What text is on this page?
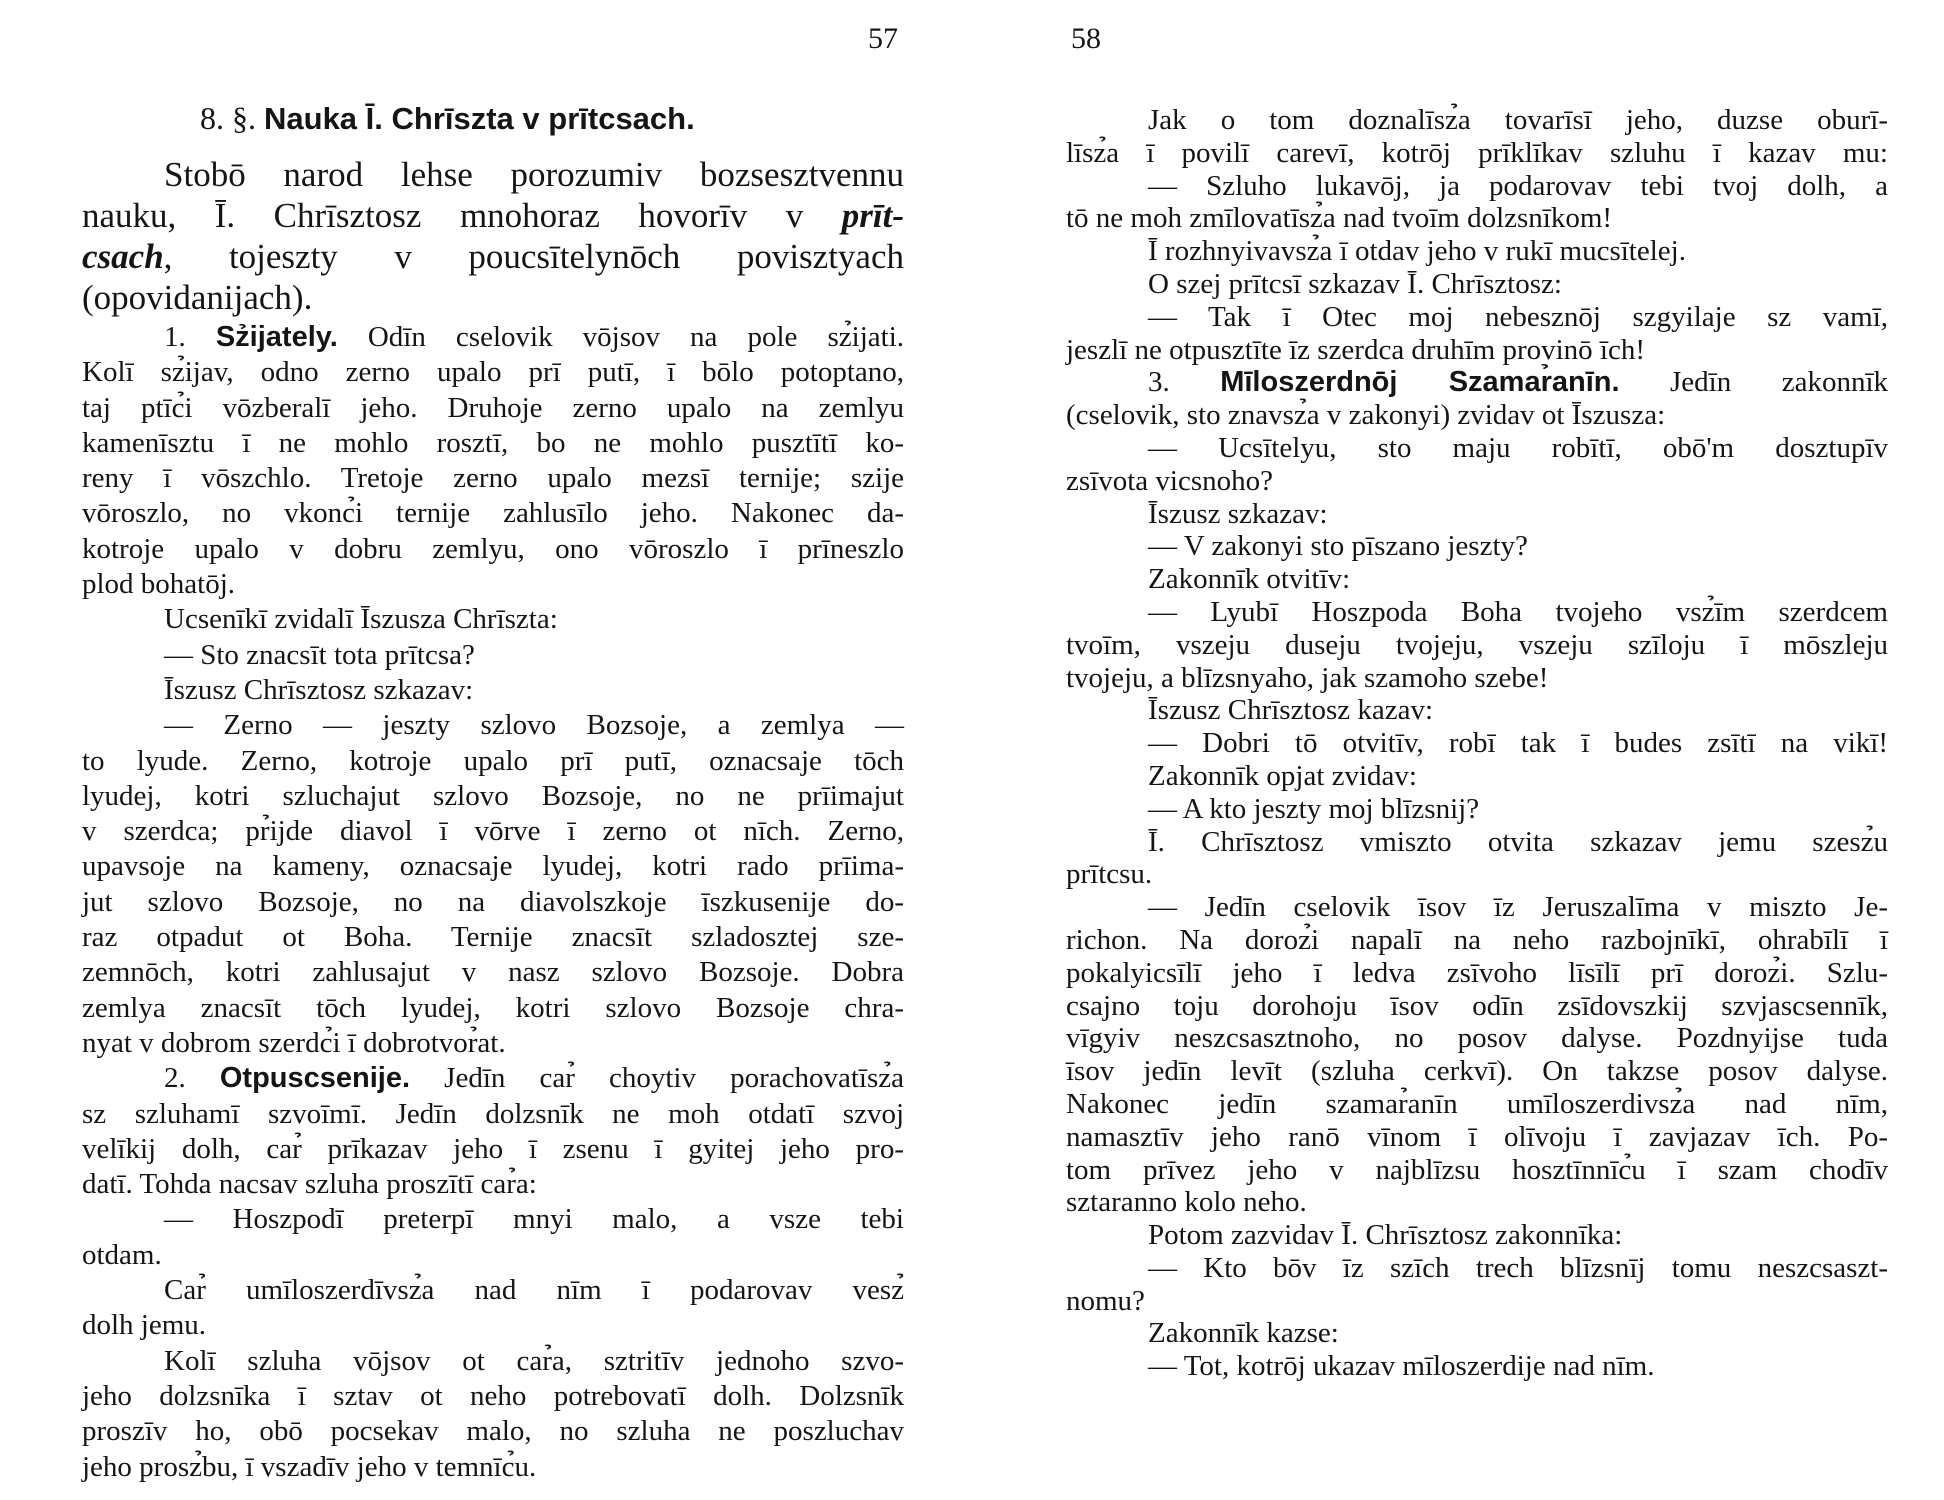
57	58
8. §. Nauka Ī. Chrīszta v prītcsach.
Stobō narod lehse porozumiv bozsesztvennu
nauku, Ī. Chrīsztosz mnohoraz hovorīv v prīt-
csach, tojeszty v poucsītelynōch povisztyach
(opovidanijach).
1. Sz̉ijately. Odīn cselovik vōjsov na pole sz̉ijati.
Kolī sz̉ijav, odno zerno upalo prī putī, ī bōlo potoptano,
taj ptīc̉i vōzberalī jeho. Druhoje zerno upalo na zemlyu
kamenīsztu ī ne mohlo rosztī, bo ne mohlo pusztītī ko-
reny ī vōszchlo. Tretoje zerno upalo mezsī ternije; szije
vōroszlo, no vkonc̉i ternije zahlusīlo jeho. Nakonec da-
kotroje upalo v dobru zemlyu, ono vōroszlo ī prīneszlo
plod bohatōj.
Ucsenīkī zvidalī Īszusza Chrīszta:
— Sto znacsīt tota prītcsa?
Īszusz Chrīsztosz szkazav:
— Zerno — jeszty szlovo Bozsoje, a zemlya —
to lyude. Zerno, kotroje upalo prī putī, oznacsaje tōch
lyudej, kotri szluchajut szlovo Bozsoje, no ne prīimajut
v szerdca; pr̉ijde diavol ī vōrve ī zerno ot nīch. Zerno,
upavsoje na kameny, oznacsaje lyudej, kotri rado prīima-
jut szlovo Bozsoje, no na diavolszkoje īszkusenije do-
raz otpadut ot Boha. Ternije znacsīt szladosztej sze-
zemnōch, kotri zahlusajut v nasz szlovo Bozsoje. Dobra
zemlya znacsīt tōch lyudej, kotri szlovo Bozsoje chra-
nyat v dobrom szerdc̉i ī dobrotvor̉at.
2. Otpuscsenije. Jedīn car̉ choytiv porachovatīsz̉a
sz szluhamī szvoīmī. Jedīn dolzsnīk ne moh otdatī szvoj
velīkij dolh, car̉ prīkazav jeho ī zsenu ī gyitej jeho pro-
datī. Tohda nacsav szluha proszītī car̉a:
— Hoszpodī preterpī mnyi malo, a vsze tebi
otdam.
Car̉ umīloszerdīvsz̉a nad nīm ī podarovav vesz̉
dolh jemu.
Kolī szluha vōjsov ot car̉a, sztritīv jednoho szvo-
jeho dolzsnīka ī sztav ot neho potrebovatī dolh. Dolzsnīk
proszīv ho, obō pocsekav malo, no szluha ne poszluchav
jeho prosz̉bu, ī vszadīv jeho v temnīc̉u.
Jak o tom doznalīsz̉a tovarīsī jeho, duzse oburī-
līsz̉a ī povilī carevī, kotrōj prīklīkav szluhu ī kazav mu:
— Szluho lukavōj, ja podarovav tebi tvoj dolh, a
tō ne moh zmīlovatīsz̉a nad tvoīm dolzsnīkom!
Ī rozhnyivavsz̉a ī otdav jeho v rukī mucsītelej.
O szej prītcsī szkazav Ī. Chrīsztosz:
— Tak ī Otec moj nebesznōj szgyilaje sz vamī,
jeszlī ne otpusztīte īz szerdca druhīm provinō īch!
3. Mīloszerdnōj Szamar̉anīn. Jedīn zakonnīk
(cselovik, sto znavsz̉a v zakonyi) zvidav ot Īszusza:
— Ucsītelyu, sto maju robītī, obō'm dosztupīv
zsīvota vicsnoho?
Īszusz szkazav:
— V zakonyi sto pīszano jeszty?
Zakonnīk otvitīv:
— Lyubī Hoszpoda Boha tvojeho vsz̉īm szerdcem
tvoīm, vszeju duseju tvojeju, vszeju szīloju ī mōszleju
tvojeju, a blīzsnyaho, jak szamoho szebe!
Īszusz Chrīsztosz kazav:
— Dobri tō otvitīv, robī tak ī budes zsītī na vikī!
Zakonnīk opjat zvidav:
— A kto jeszty moj blīzsnij?
Ī. Chrīsztosz vmiszto otvita szkazav jemu szesz̉u
prītcsu.
— Jedīn cselovik īsov īz Jeruszalīma v miszto Je-
richon. Na doroz̉i napalī na neho razbojnīkī, ohrabīlī ī
pokalyicsīlī jeho ī ledva zsīvoho līsīlī prī doroz̉i. Szlu-
csajno toju dorohoju īsov odīn zsīdovszkij szvjascsennīk,
vīgyiv neszcsasztnoho, no posov dalyse. Pozdnyijse tuda
īsov jedīn levīt (szluha cerkvī). On takzse posov dalyse.
Nakonec jedīn szamar̉anīn umīloszerdivsz̉a nad nīm,
namasztīv jeho ranō vīnom ī olīvoju ī zavjazav īch. Po-
tom prīvez jeho v najblīzsu hosztīnnīc̉u ī szam chodīv
sztaranno kolo neho.
Potom zazvidav Ī. Chrīsztosz zakonnīka:
— Kto bōv īz szīch trech blīzsnīj tomu neszcsaszt-
nomu?
Zakonnīk kazse:
— Tot, kotrōj ukazav mīloszerdije nad nīm.
